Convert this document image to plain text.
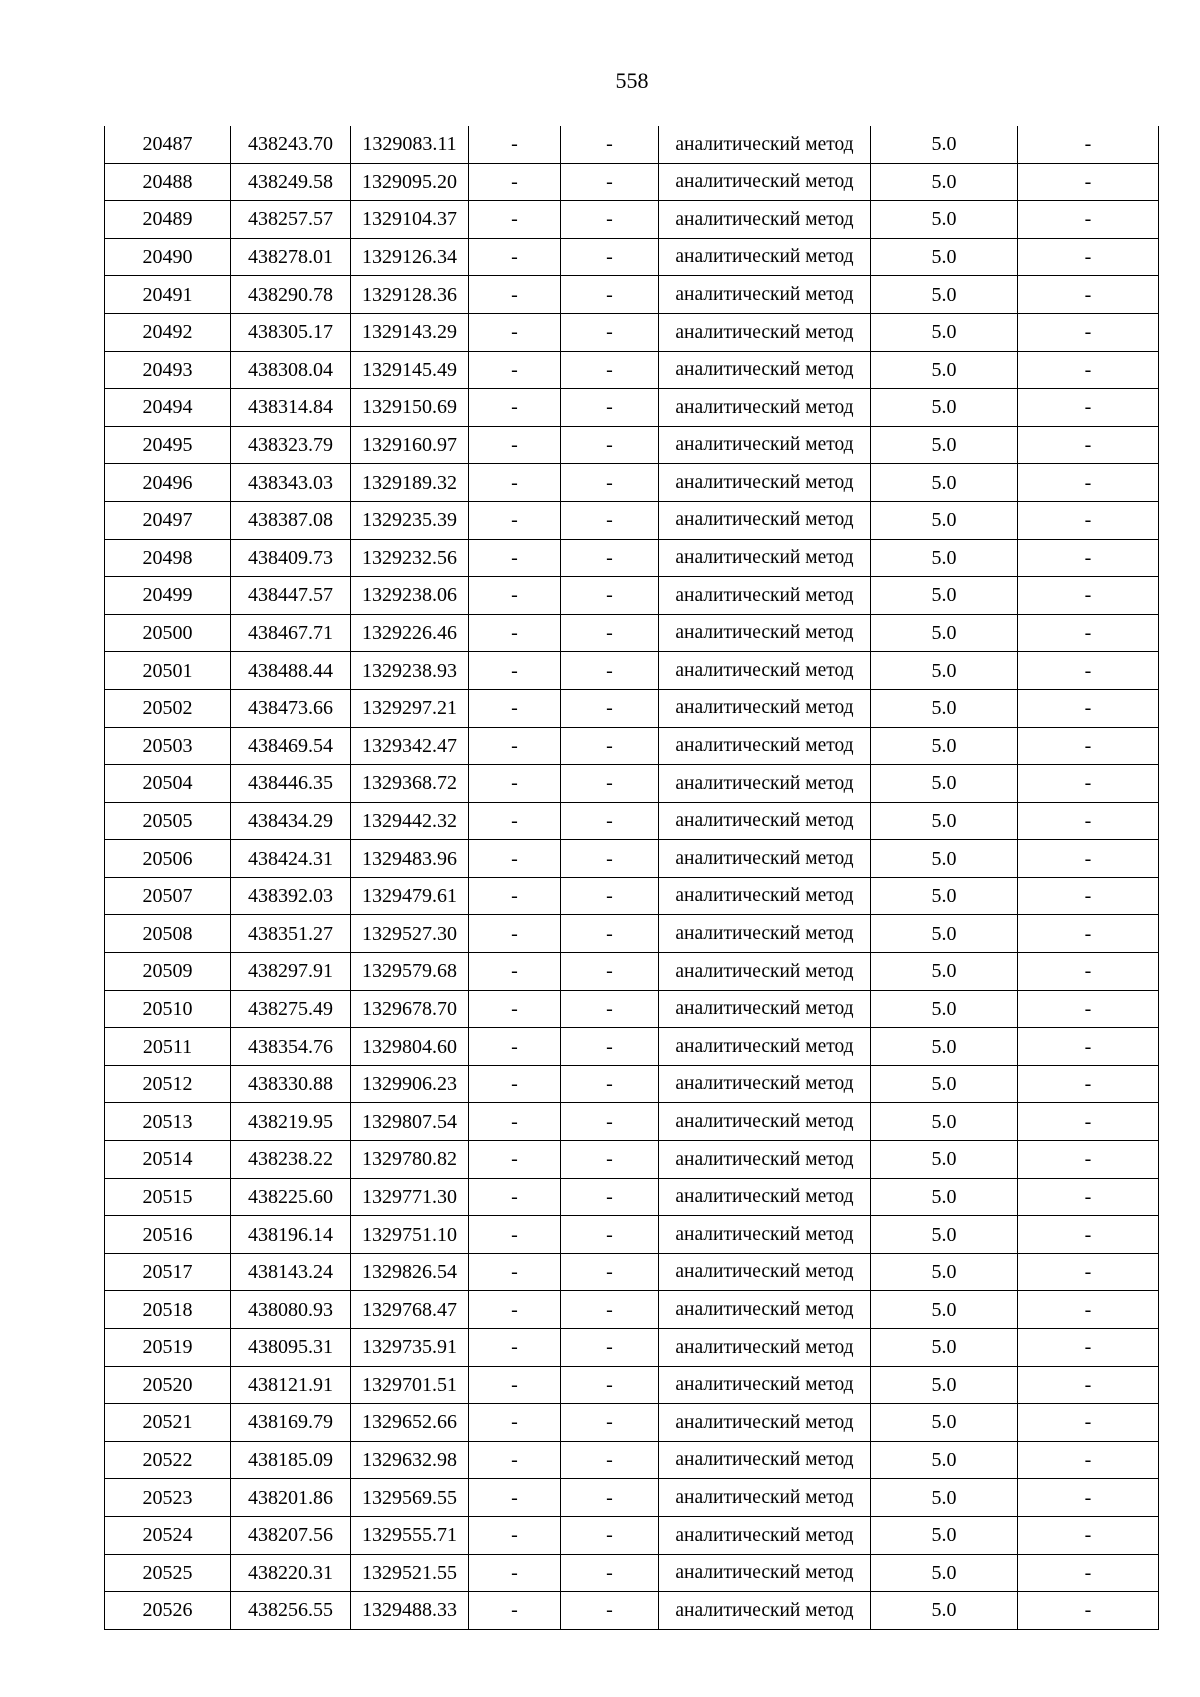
558
20487	438243.70	1329083.11	-	-	аналитический метод	5.0	-
20488	438249.58	1329095.20	-	-	аналитический метод	5.0	-
20489	438257.57	1329104.37	-	-	аналитический метод	5.0	-
20490	438278.01	1329126.34	-	-	аналитический метод	5.0	-
20491	438290.78	1329128.36	-	-	аналитический метод	5.0	-
20492	438305.17	1329143.29	-	-	аналитический метод	5.0	-
20493	438308.04	1329145.49	-	-	аналитический метод	5.0	-
20494	438314.84	1329150.69	-	-	аналитический метод	5.0	-
20495	438323.79	1329160.97	-	-	аналитический метод	5.0	-
20496	438343.03	1329189.32	-	-	аналитический метод	5.0	-
20497	438387.08	1329235.39	-	-	аналитический метод	5.0	-
20498	438409.73	1329232.56	-	-	аналитический метод	5.0	-
20499	438447.57	1329238.06	-	-	аналитический метод	5.0	-
20500	438467.71	1329226.46	-	-	аналитический метод	5.0	-
20501	438488.44	1329238.93	-	-	аналитический метод	5.0	-
20502	438473.66	1329297.21	-	-	аналитический метод	5.0	-
20503	438469.54	1329342.47	-	-	аналитический метод	5.0	-
20504	438446.35	1329368.72	-	-	аналитический метод	5.0	-
20505	438434.29	1329442.32	-	-	аналитический метод	5.0	-
20506	438424.31	1329483.96	-	-	аналитический метод	5.0	-
20507	438392.03	1329479.61	-	-	аналитический метод	5.0	-
20508	438351.27	1329527.30	-	-	аналитический метод	5.0	-
20509	438297.91	1329579.68	-	-	аналитический метод	5.0	-
20510	438275.49	1329678.70	-	-	аналитический метод	5.0	-
20511	438354.76	1329804.60	-	-	аналитический метод	5.0	-
20512	438330.88	1329906.23	-	-	аналитический метод	5.0	-
20513	438219.95	1329807.54	-	-	аналитический метод	5.0	-
20514	438238.22	1329780.82	-	-	аналитический метод	5.0	-
20515	438225.60	1329771.30	-	-	аналитический метод	5.0	-
20516	438196.14	1329751.10	-	-	аналитический метод	5.0	-
20517	438143.24	1329826.54	-	-	аналитический метод	5.0	-
20518	438080.93	1329768.47	-	-	аналитический метод	5.0	-
20519	438095.31	1329735.91	-	-	аналитический метод	5.0	-
20520	438121.91	1329701.51	-	-	аналитический метод	5.0	-
20521	438169.79	1329652.66	-	-	аналитический метод	5.0	-
20522	438185.09	1329632.98	-	-	аналитический метод	5.0	-
20523	438201.86	1329569.55	-	-	аналитический метод	5.0	-
20524	438207.56	1329555.71	-	-	аналитический метод	5.0	-
20525	438220.31	1329521.55	-	-	аналитический метод	5.0	-
20526	438256.55	1329488.33	-	-	аналитический метод	5.0	-
